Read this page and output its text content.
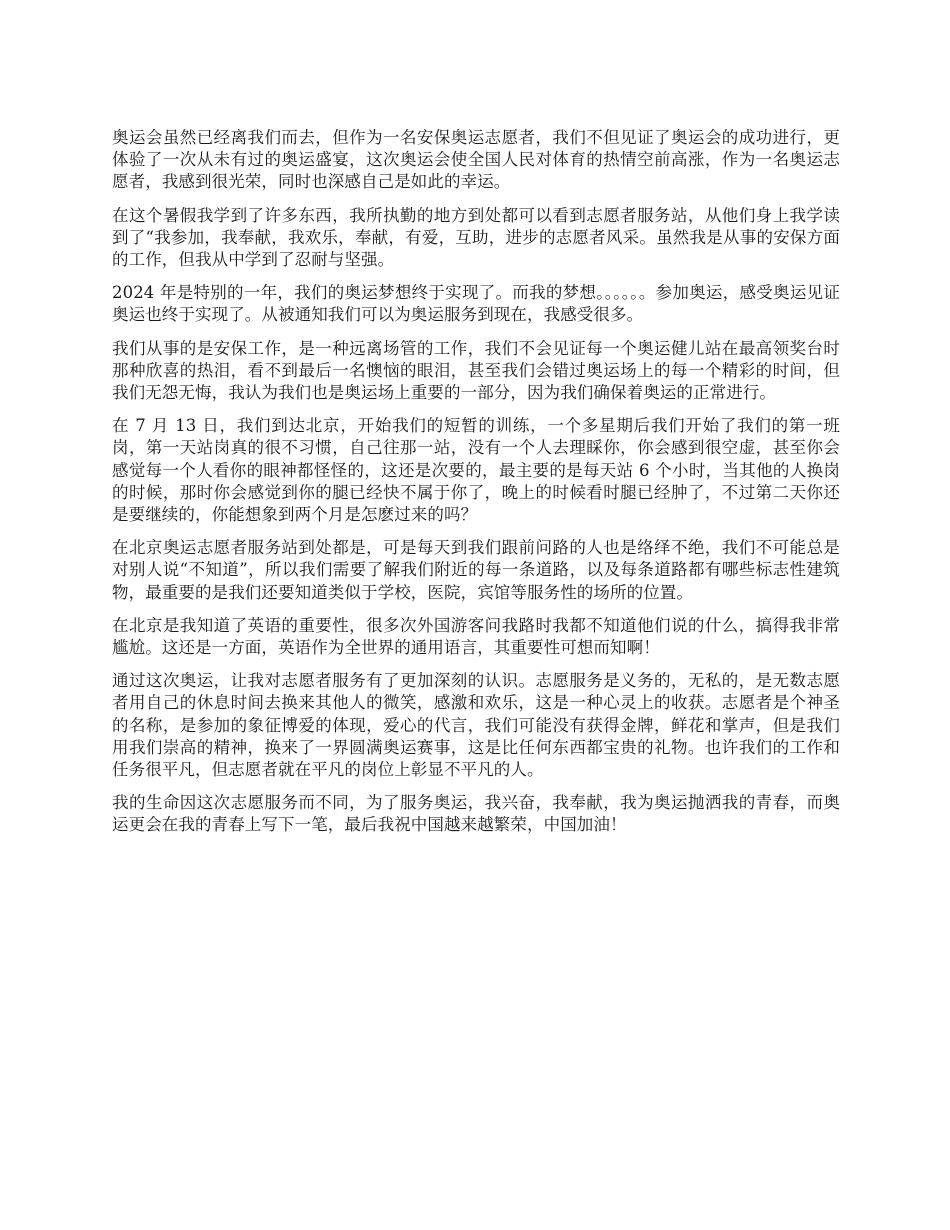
奥运会虽然已经离我们而去，但作为一名安保奥运志愿者，我们不但见证了奥运会的成功进行，更体验了一次从未有过的奥运盛宴，这次奥运会使全国人民对体育的热情空前高涨，作为一名奥运志愿者，我感到很光荣，同时也深感自己是如此的幸运。

在这个暑假我学到了许多东西，我所执勤的地方到处都可以看到志愿者服务站，从他们身上我学读到了“我参加，我奉献，我欢乐，奉献，有爱，互助，进步的志愿者风采。虽然我是从事的安保方面的工作，但我从中学到了忍耐与坚强。

2024 年是特别的一年，我们的奥运梦想终于实现了。而我的梦想。。。。。。参加奥运，感受奥运见证奥运也终于实现了。从被通知我们可以为奥运服务到现在，我感受很多。

我们从事的是安保工作，是一种远离场管的工作，我们不会见证每一个奥运健儿站在最高领奖台时那种欣喜的热泪，看不到最后一名懊恼的眼泪，甚至我们会错过奥运场上的每一个精彩的时间，但我们无怨无悔，我认为我们也是奥运场上重要的一部分，因为我们确保着奥运的正常进行。

在 7 月 13 日，我们到达北京，开始我们的短暂的训练，一个多星期后我们开始了我们的第一班岗，第一天站岗真的很不习惯，自己往那一站，没有一个人去理睬你，你会感到很空虚，甚至你会感觉每一个人看你的眼神都怪怪的，这还是次要的，最主要的是每天站 6 个小时，当其他的人换岗的时候，那时你会感觉到你的腿已经快不属于你了，晚上的时候看时腿已经肿了，不过第二天你还是要继续的，你能想象到两个月是怎麽过来的吗？

在北京奥运志愿者服务站到处都是，可是每天到我们跟前问路的人也是络绎不绝，我们不可能总是对别人说“不知道”，所以我们需要了解我们附近的每一条道路，以及每条道路都有哪些标志性建筑物，最重要的是我们还要知道类似于学校，医院，宾馆等服务性的场所的位置。

在北京是我知道了英语的重要性，很多次外国游客问我路时我都不知道他们说的什么，搞得我非常尴尬。这还是一方面，英语作为全世界的通用语言，其重要性可想而知啊！

通过这次奥运，让我对志愿者服务有了更加深刻的认识。志愿服务是义务的，无私的，是无数志愿者用自己的休息时间去换来其他人的微笑，感激和欢乐，这是一种心灵上的收获。志愿者是个神圣的名称，是参加的象征博爱的体现，爱心的代言，我们可能没有获得金牌，鲜花和掌声，但是我们用我们崇高的精神，换来了一界圆满奥运赛事，这是比任何东西都宝贵的礼物。也许我们的工作和任务很平凡，但志愿者就在平凡的岗位上彰显不平凡的人。

我的生命因这次志愿服务而不同，为了服务奥运，我兴奋，我奉献，我为奥运抛洒我的青春，而奥运更会在我的青春上写下一笔，最后我祝中国越来越繁荣，中国加油！
